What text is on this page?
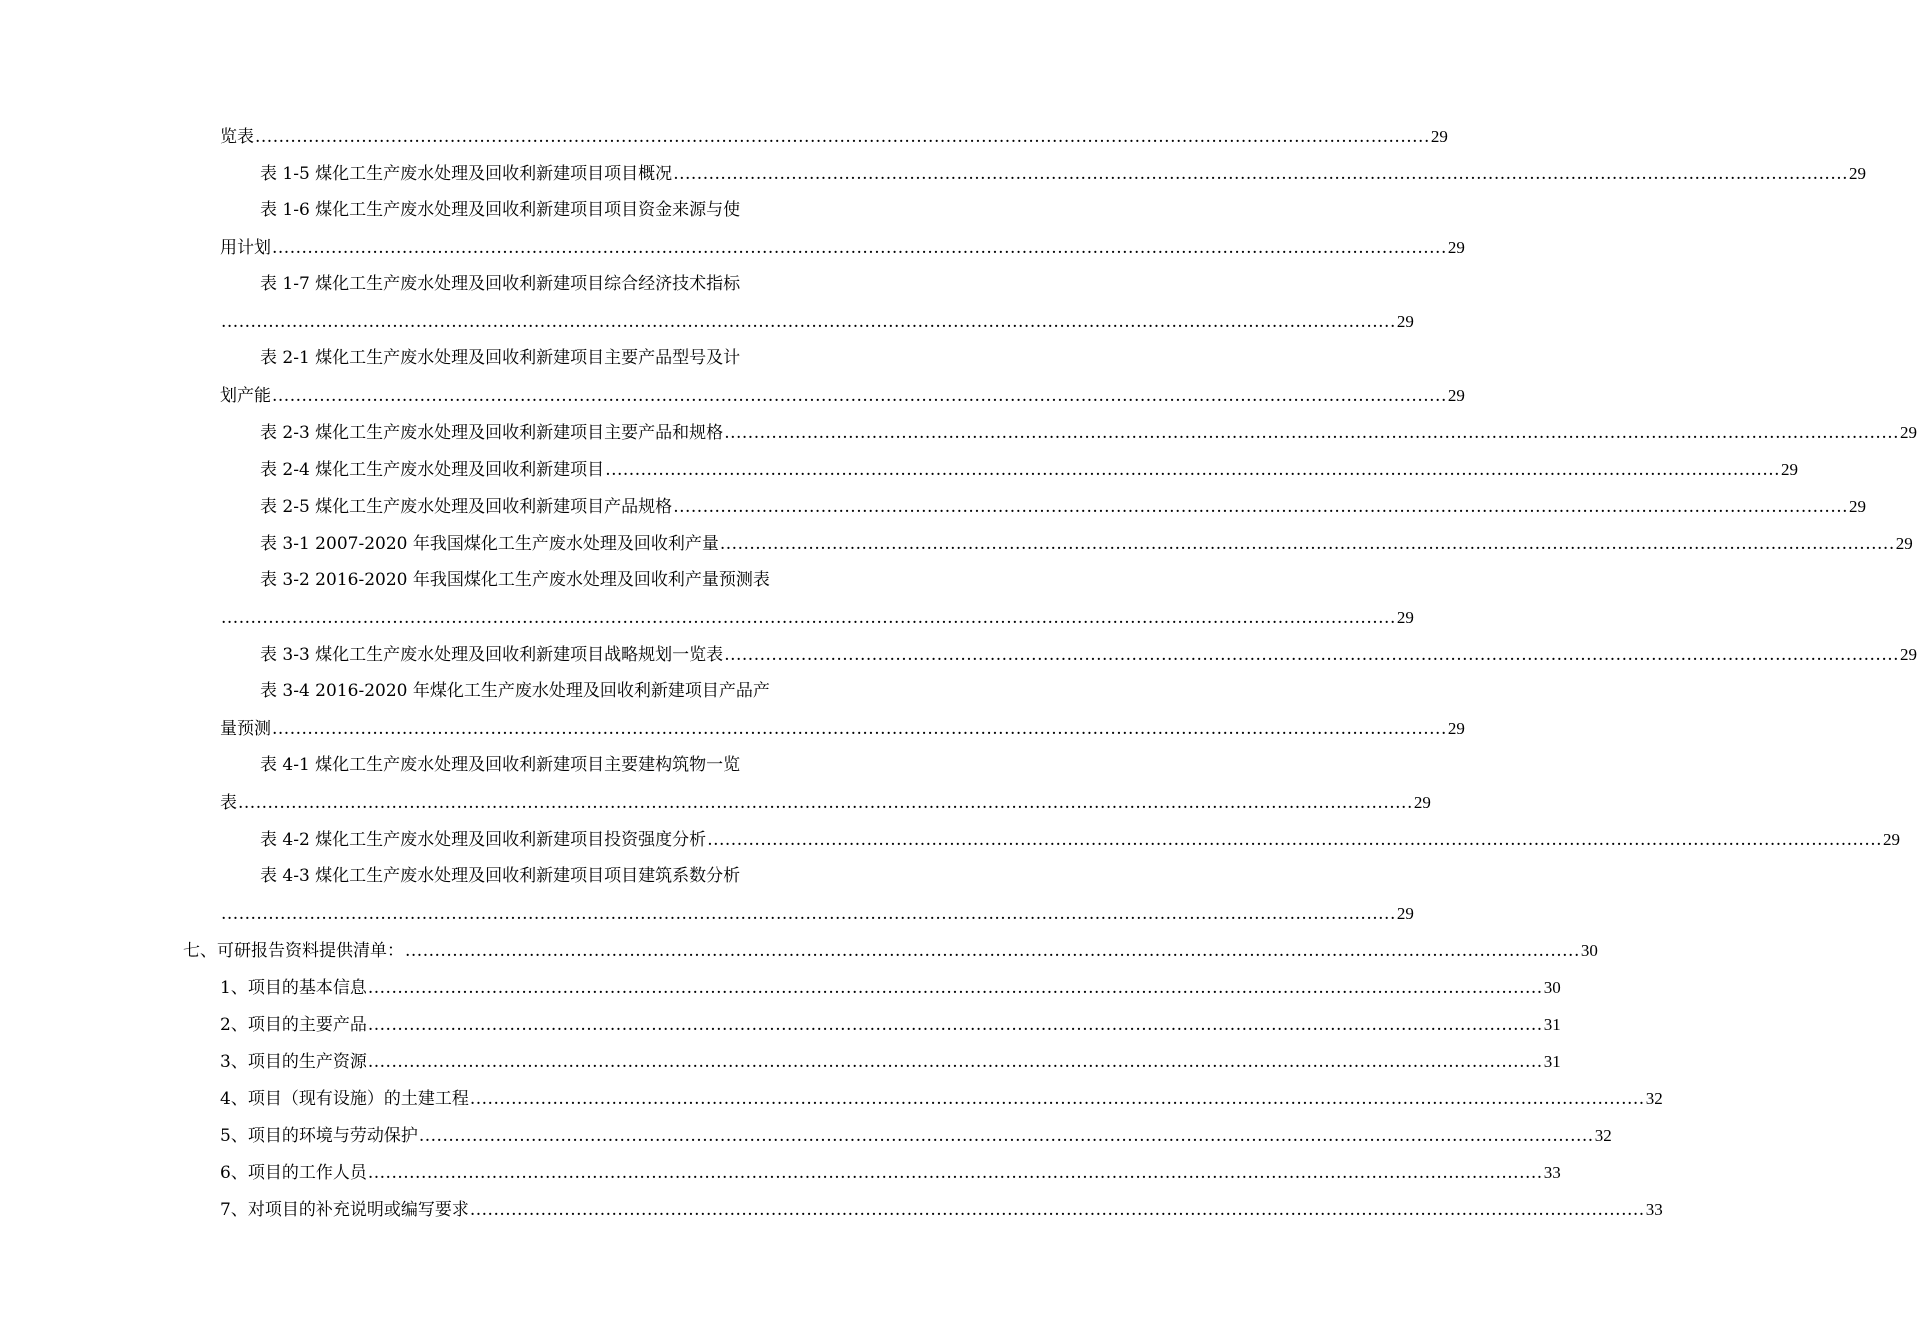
览表 ....................................................................................................................................................................................................... 29
表 1-5 煤化工生产废水处理及回收利新建项目项目概况 ....................................................................................................................................................................................................... 29
表 1-6 煤化工生产废水处理及回收利新建项目项目资金来源与使
用计划 ....................................................................................................................................................................................................... 29
表 1-7 煤化工生产废水处理及回收利新建项目综合经济技术指标
....................................................................................................................................................................................................... 29
表 2-1 煤化工生产废水处理及回收利新建项目主要产品型号及计
划产能 ....................................................................................................................................................................................................... 29
表 2-3 煤化工生产废水处理及回收利新建项目主要产品和规格 ....................................................................................................................................................................................................... 29
表 2-4 煤化工生产废水处理及回收利新建项目 ....................................................................................................................................................................................................... 29
表 2-5 煤化工生产废水处理及回收利新建项目产品规格 ....................................................................................................................................................................................................... 29
表 3-1 2007-2020 年我国煤化工生产废水处理及回收利产量 ....................................................................................................................................................................................................... 29
表 3-2 2016-2020 年我国煤化工生产废水处理及回收利产量预测表
....................................................................................................................................................................................................... 29
表 3-3 煤化工生产废水处理及回收利新建项目战略规划一览表 ....................................................................................................................................................................................................... 29
表 3-4 2016-2020 年煤化工生产废水处理及回收利新建项目产品产
量预测 ....................................................................................................................................................................................................... 29
表 4-1 煤化工生产废水处理及回收利新建项目主要建构筑物一览
表 ....................................................................................................................................................................................................... 29
表 4-2 煤化工生产废水处理及回收利新建项目投资强度分析 ....................................................................................................................................................................................................... 29
表 4-3 煤化工生产废水处理及回收利新建项目项目建筑系数分析
....................................................................................................................................................................................................... 29
七、可研报告资料提供清单： ....................................................................................................................................................................................................... 30
1、项目的基本信息 ....................................................................................................................................................................................................... 30
2、项目的主要产品 ....................................................................................................................................................................................................... 31
3、项目的生产资源 ....................................................................................................................................................................................................... 31
4、项目（现有设施）的土建工程 ....................................................................................................................................................................................................... 32
5、项目的环境与劳动保护 ....................................................................................................................................................................................................... 32
6、项目的工作人员 ....................................................................................................................................................................................................... 33
7、对项目的补充说明或编写要求 ....................................................................................................................................................................................................... 33
